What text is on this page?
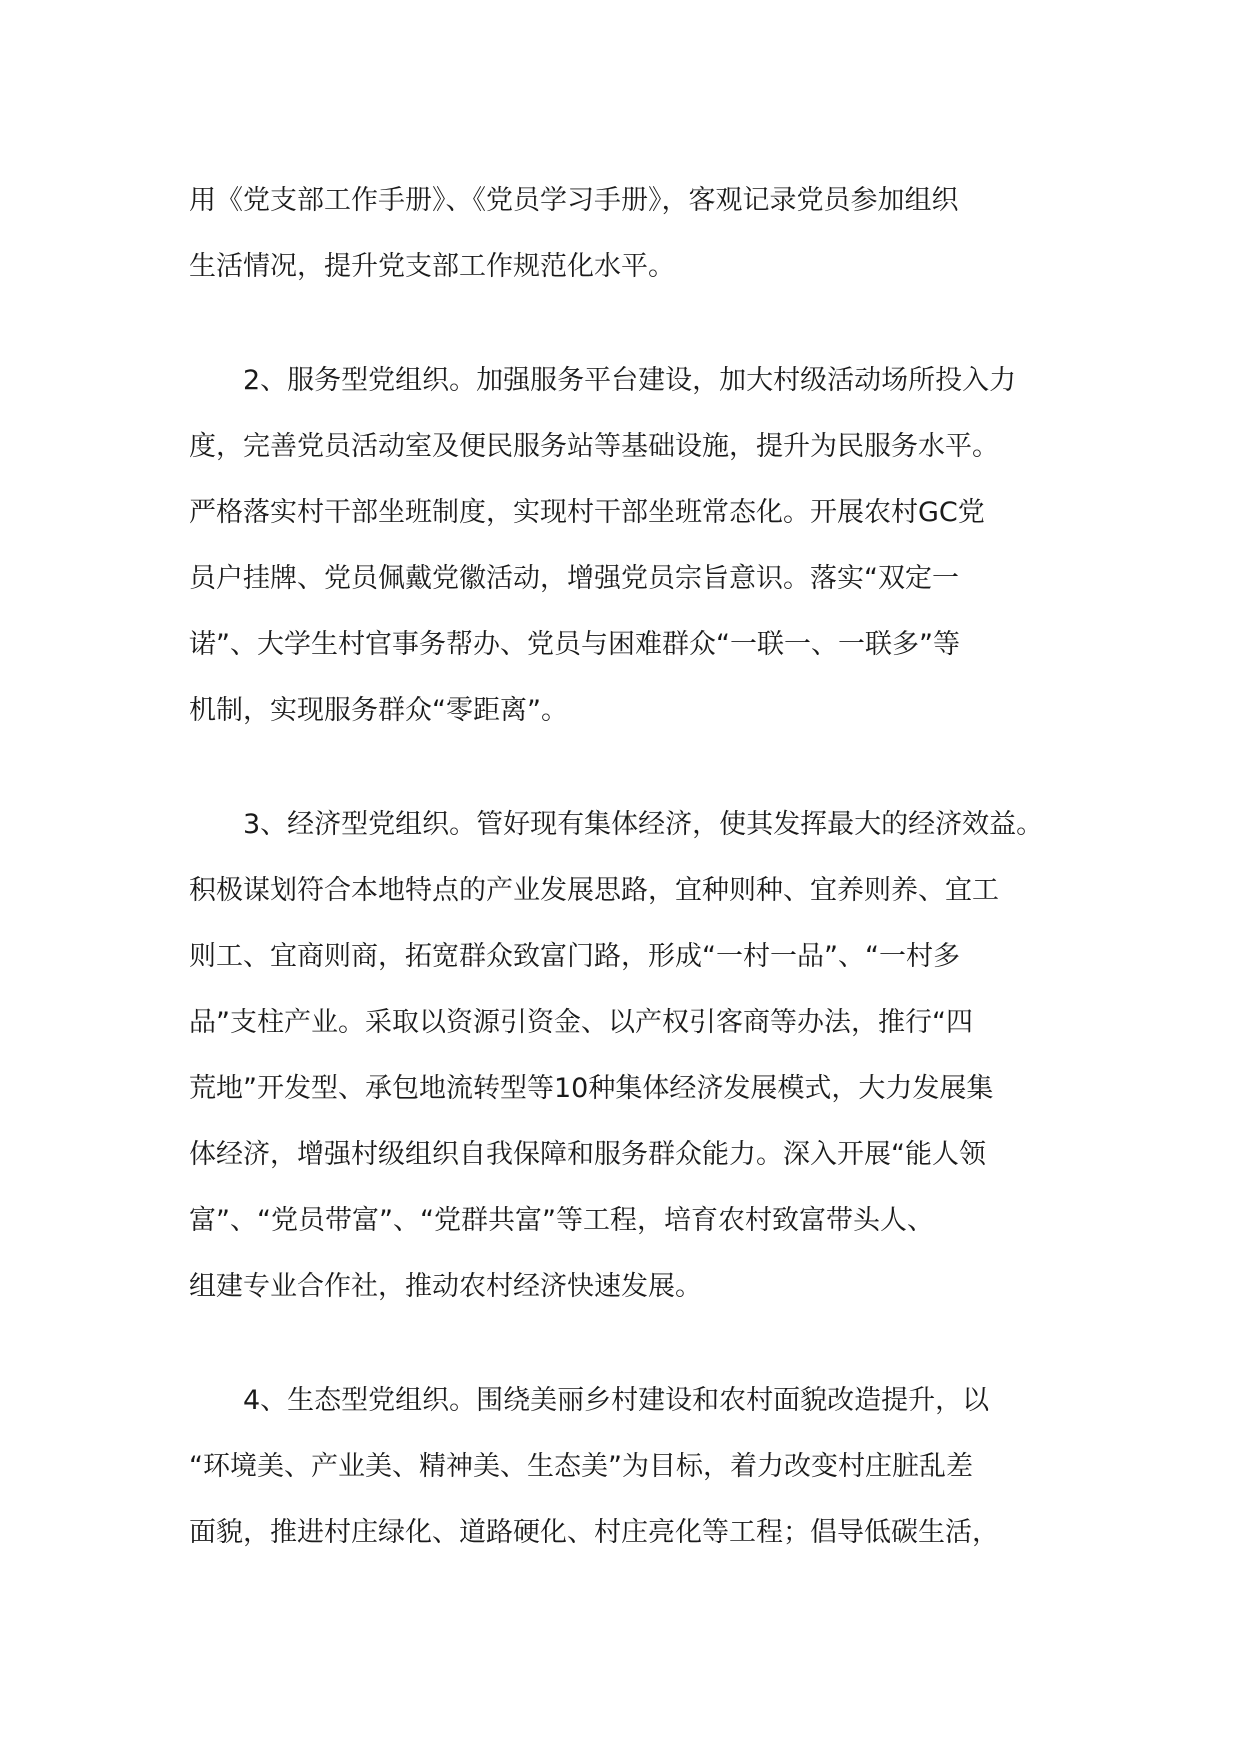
用《党支部工作手册》、《党员学习手册》，客观记录党员参加组织
生活情况，提升党支部工作规范化水平。

2、服务型党组织。加强服务平台建设，加大村级活动场所投入力
度，完善党员活动室及便民服务站等基础设施，提升为民服务水平。
严格落实村干部坐班制度，实现村干部坐班常态化。开展农村GC党
员户挂牌、党员佩戴党徽活动，增强党员宗旨意识。落实“双定一
诺”、大学生村官事务帮办、党员与困难群众“一联一、一联多”等
机制，实现服务群众“零距离”。

3、经济型党组织。管好现有集体经济，使其发挥最大的经济效益。
积极谋划符合本地特点的产业发展思路，宜种则种、宜养则养、宜工
则工、宜商则商，拓宽群众致富门路，形成“一村一品”、“一村多
品”支柱产业。采取以资源引资金、以产权引客商等办法，推行“四
荒地”开发型、承包地流转型等10种集体经济发展模式，大力发展集
体经济，增强村级组织自我保障和服务群众能力。深入开展“能人领
富”、“党员带富”、“党群共富”等工程，培育农村致富带头人、
组建专业合作社，推动农村经济快速发展。

4、生态型党组织。围绕美丽乡村建设和农村面貌改造提升，以
“环境美、产业美、精神美、生态美”为目标，着力改变村庄脏乱差
面貌，推进村庄绿化、道路硬化、村庄亮化等工程；倡导低碳生活，
